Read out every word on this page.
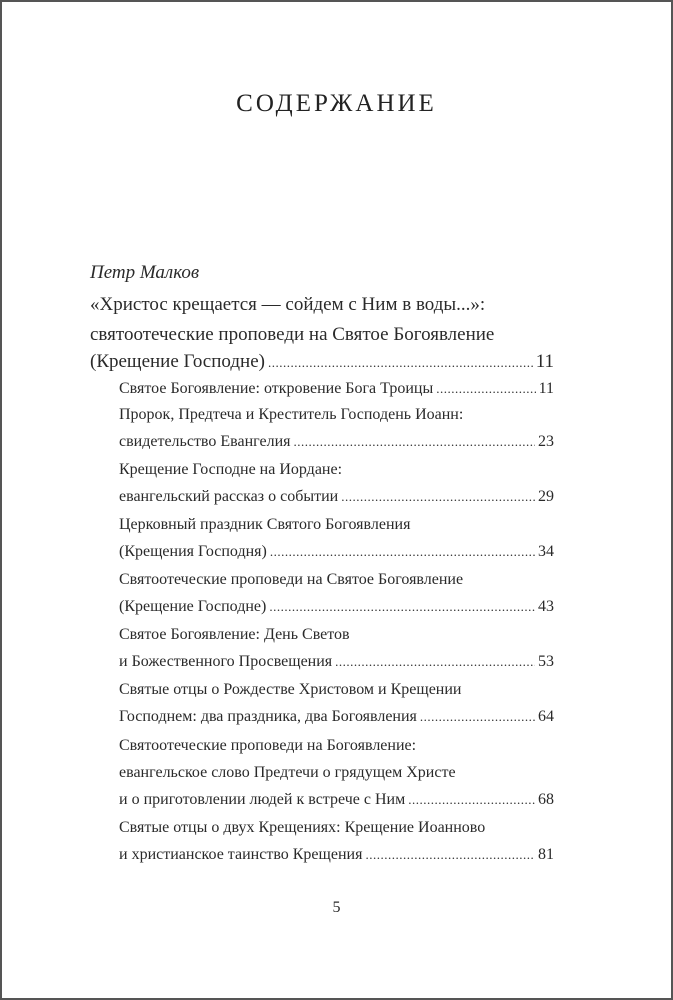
СОДЕРЖАНИЕ
Петр Малков
«Христос крещается — сойдем с Ним в воды...»:
святоотеческие проповеди на Святое Богоявление
(Крещение Господне) .....	11
Святое Богоявление: откровение Бога Троицы .....	11
Пророк, Предтеча и Креститель Господень Иоанн:
свидетельство Евангелия .....	23
Крещение Господне на Иордане:
евангельский рассказ о событии .....	29
Церковный праздник Святого Богоявления
(Крещения Господня) .....	34
Святоотеческие проповеди на Святое Богоявление
(Крещение Господне) .....	43
Святое Богоявление: День Светов
и Божественного Просвещения .....	53
Святые отцы о Рождестве Христовом и Крещении
Господнем: два праздника, два Богоявления .....	64
Святоотеческие проповеди на Богоявление:
евангельское слово Предтечи о грядущем Христе
и о приготовлении людей к встрече с Ним .....	68
Святые отцы о двух Крещениях: Крещение Иоанново
и христианское таинство Крещения .....	81
5
